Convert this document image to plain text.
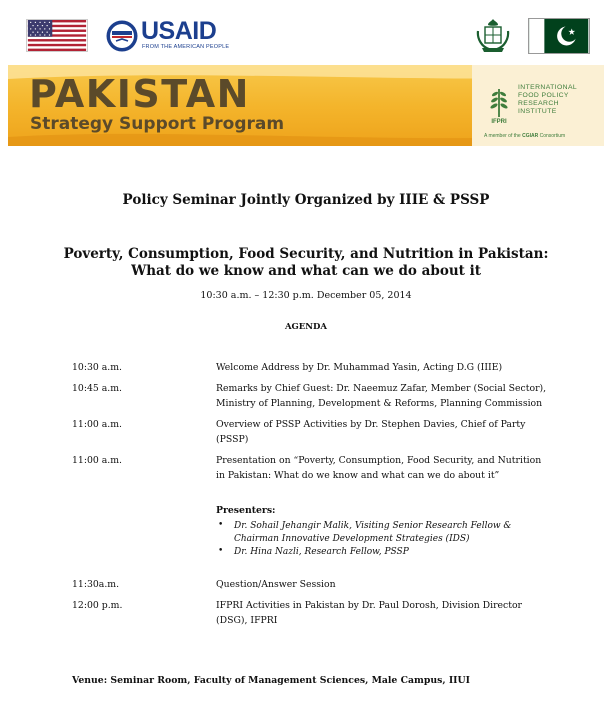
USAID
FROM THE AMERICAN PEOPLE
PAKISTAN
Strategy Support Program	IFPRI
INTERNATIONAL
FOOD POLICY
RESEARCH
INSTITUTE
A member of the CGIAR Consortium
Policy Seminar Jointly Organized by IIIE & PSSP
Poverty, Consumption, Food Security, and Nutrition in Pakistan:
What do we know and what can we do about it
10:30 a.m. – 12:30 p.m. December 05, 2014
AGENDA
10:30 a.m.	Welcome Address by Dr. Muhammad Yasin, Acting D.G (IIIE)
10:45 a.m.	Remarks by Chief Guest: Dr. Naeemuz Zafar, Member (Social Sector),
Ministry of Planning, Development & Reforms, Planning Commission
11:00 a.m.	Overview of PSSP Activities by Dr. Stephen Davies, Chief of Party
(PSSP)
11:00 a.m.	Presentation on “Poverty, Consumption, Food Security, and Nutrition
in Pakistan: What do we know and what can we do about it”
Presenters:
• Dr. Sohail Jehangir Malik, Visiting Senior Research Fellow &
Chairman Innovative Development Strategies (IDS)
• Dr. Hina Nazli, Research Fellow, PSSP
11:30a.m.	Question/Answer Session
12:00 p.m.	IFPRI Activities in Pakistan by Dr. Paul Dorosh, Division Director
(DSG), IFPRI
Venue: Seminar Room, Faculty of Management Sciences, Male Campus, IIUI
